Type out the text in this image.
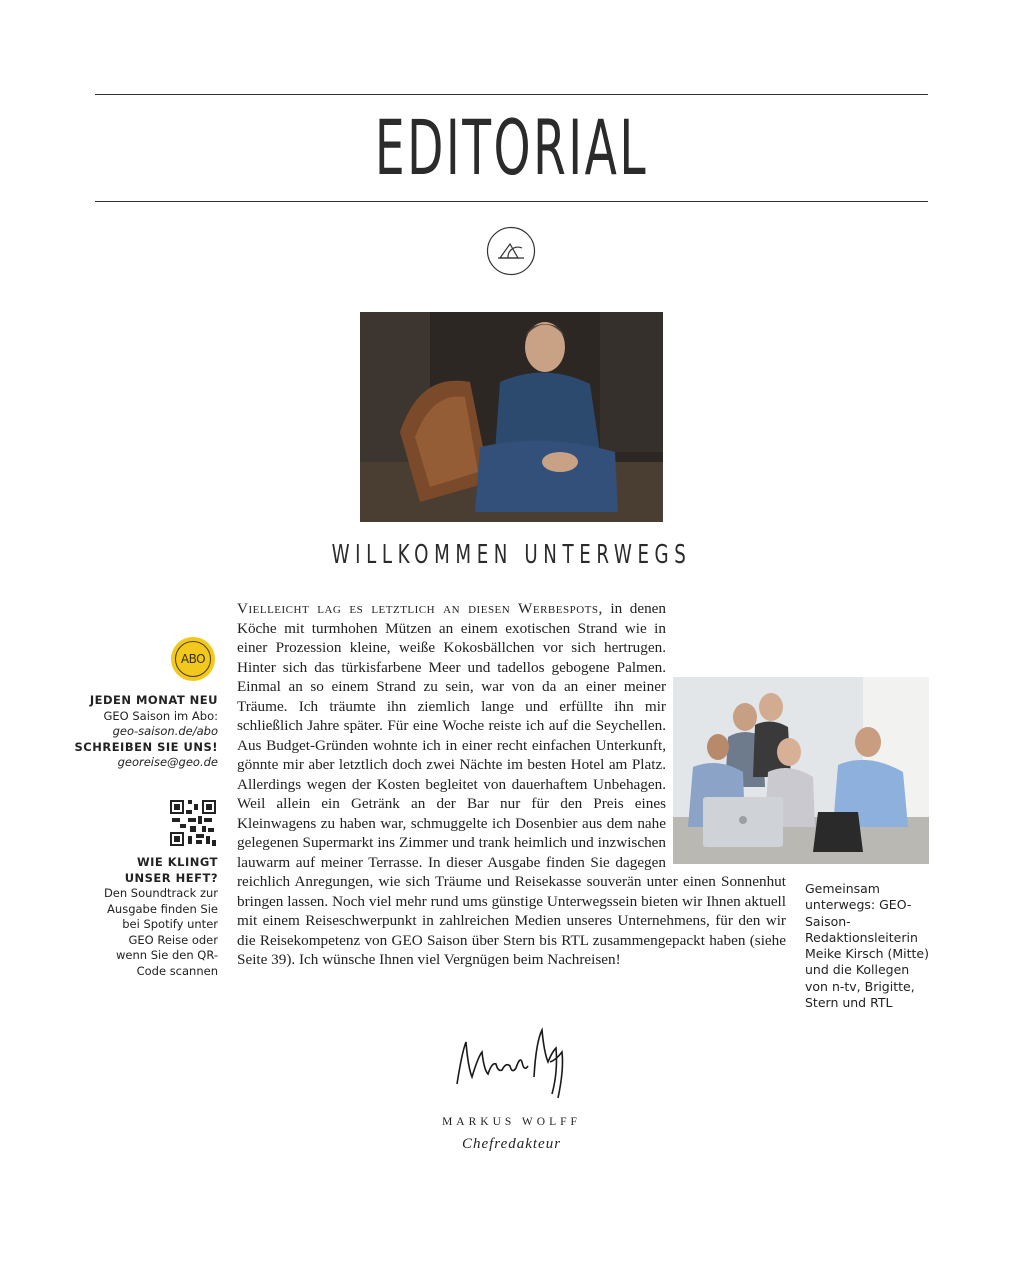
EDITORIAL
WILLKOMMEN UNTERWEGS
Vielleicht lag es letztlich an diesen Werbespots, in denen Köche mit turmhohen Mützen an einem exotischen Strand wie in einer Prozession kleine, weiße Kokosbällchen vor sich hertrugen. Hinter sich das türkisfarbene Meer und tadellos gebogene Palmen. Einmal an so einem Strand zu sein, war von da an einer meiner Träume. Ich träumte ihn ziemlich lange und erfüllte ihn mir schließlich Jahre später. Für eine Woche reiste ich auf die Seychellen. Aus Budget-Gründen wohnte ich in einer recht einfachen Unterkunft, gönnte mir aber letztlich doch zwei Nächte im besten Hotel am Platz. Allerdings wegen der Kosten begleitet von dauerhaftem Unbehagen. Weil allein ein Getränk an der Bar nur für den Preis eines Kleinwagens zu haben war, schmuggelte ich Dosenbier aus dem nahe gelegenen Supermarkt ins Zimmer und trank heimlich und inzwischen lauwarm auf meiner Terrasse. In dieser Ausgabe finden Sie dagegen reichlich Anregungen, wie sich Träume und Reisekasse souverän unter einen Sonnenhut bringen lassen. Noch viel mehr rund ums günstige Unterwegssein bieten wir Ihnen aktuell mit einem Reiseschwerpunkt in zahlreichen Medien unseres Unternehmens, für den wir die Reisekompetenz von GEO Saison über Stern bis RTL zusammengepackt haben (siehe Seite 39). Ich wünsche Ihnen viel Vergnügen beim Nachreisen!
Gemeinsam unterwegs: GEO-Saison-Redaktionsleiterin Meike Kirsch (Mitte) und die Kollegen von n-tv, Brigitte, Stern und RTL
ABO
JEDEN MONAT NEU
GEO Saison im Abo:
geo-saison.de/abo
SCHREIBEN SIE UNS!
georeise@geo.de
WIE KLINGT
UNSER HEFT?
Den Soundtrack zur Ausgabe finden Sie bei Spotify unter GEO Reise oder wenn Sie den QR-Code scannen
MARKUS WOLFF
Chefredakteur
